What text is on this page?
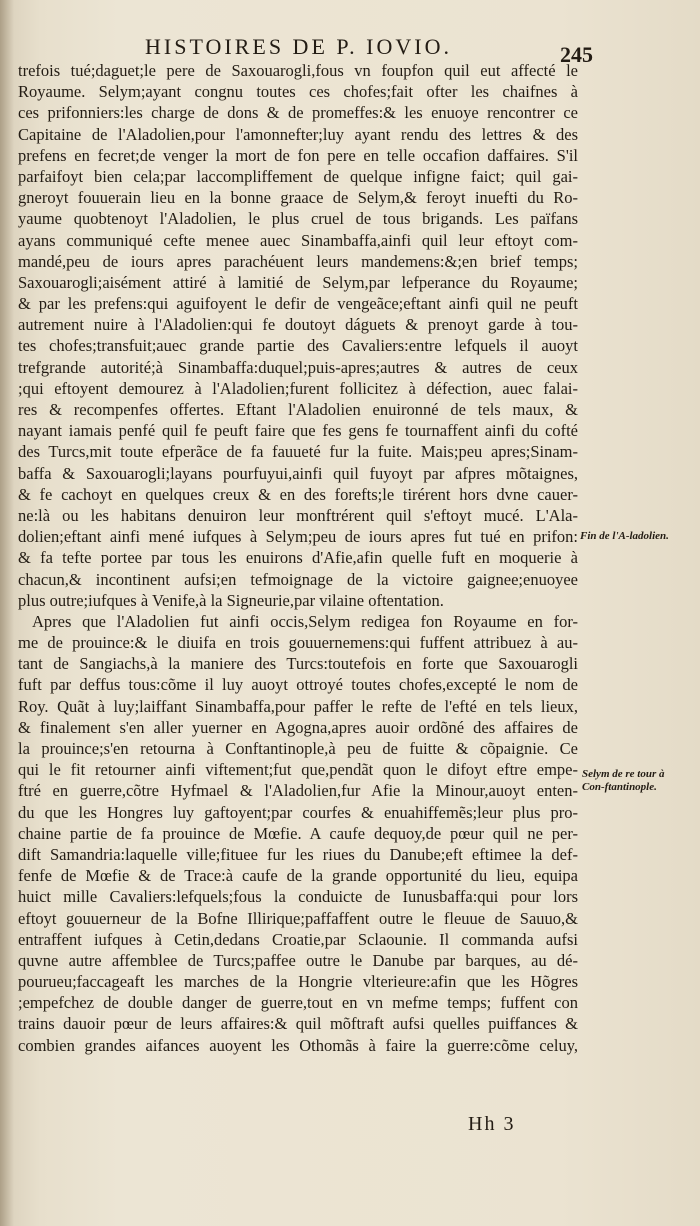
HISTOIRES DE P. IOVIO.	245
trefois tué;daguet;le pere de Saxouarogli,fous vn foupfon quil eut affecté le
Royaume. Selym;ayant congnu toutes ces chofes;fait ofter les chaifnes à
ces prifonniers:les charge de dons & de promeffes:& les enuoye rencontrer ce
Capitaine de l'Aladolien,pour l'amonnefter;luy ayant rendu des lettres & des
prefens en fecret;de venger la mort de fon pere en telle occafion daffaires. S'il
parfaifoyt bien cela;par laccompliffement de quelque infigne faict; quil gai-
gneroyt fouuerain lieu en la bonne graace de Selym,& feroyt inuefti du Ro-
yaume quobtenoyt l'Aladolien, le plus cruel de tous brigands. Les païfans
ayans communiqué cefte menee auec Sinambaffa,ainfi quil leur eftoyt com-
mandé,peu de iours apres parachéuent leurs mandemens:&;en brief temps;
Saxouarogli;aisément attiré à lamitié de Selym,par lefperance du Royaume;
& par les prefens:qui aguifoyent le defir de vengeãce;eftant ainfi quil ne peuft
autrement nuire à l'Aladolien:qui fe doutoyt dáguets & prenoyt garde à tou-
tes chofes;transfuit;auec grande partie des Cavaliers:entre lefquels il auoyt
trefgrande autorité;à Sinambaffa:duquel;puis-apres;autres & autres de ceux
;qui eftoyent demourez à l'Aladolien;furent follicitez à défection, auec falai-
res & recompenfes offertes. Eftant l'Aladolien enuironné de tels maux, &
nayant iamais penfé quil fe peuft faire que fes gens fe tournaffent ainfi du cofté
des Turcs,mit toute efperãce de fa fauueté fur la fuite. Mais;peu apres;Sinam-
baffa & Saxouarogli;layans pourfuyui,ainfi quil fuyoyt par afpres mõtaignes,
& fe cachoyt en quelques creux & en des forefts;le tirérent hors dvne cauer-
ne:là ou les habitans denuiron leur monftrérent quil s'eftoyt mucé. L'Ala-
dolien;eftant ainfi mené iufques à Selym;peu de iours apres fut tué en prifon:
& fa tefte portee par tous les enuirons d'Afie,afin quelle fuft en moquerie à
chacun,& incontinent aufsi;en tefmoignage de la victoire gaignee;enuoyee
plus outre;iufques à Venife,à la Signeurie,par vilaine oftentation.
Apres que l'Aladolien fut ainfi occis,Selym redigea fon Royaume en for-
me de prouince:& le diuifa en trois gouuernemens:qui fuffent attribuez à au-
tant de Sangiachs,à la maniere des Turcs:toutefois en forte que Saxouarogli
fuft par deffus tous:cõme il luy auoyt ottroyé toutes chofes,excepté le nom de
Roy. Quãt à luy;laiffant Sinambaffa,pour paffer le refte de l'efté en tels lieux,
& finalement s'en aller yuerner en Agogna,apres auoir ordõné des affaires de
la prouince;s'en retourna à Conftantinople,à peu de fuitte & cõpaignie. Ce
qui le fit retourner ainfi viftement;fut que,pendãt quon le difoyt eftre empe-
ftré en guerre,cõtre Hyfmael & l'Aladolien,fur Afie la Minour,auoyt enten-
du que les Hongres luy gaftoyent;par courfes & enuahiffemẽs;leur plus pro-
chaine partie de fa prouince de Mœfie. A caufe dequoy,de pœur quil ne per-
dift Samandria:laquelle ville;fituee fur les riues du Danube;eft eftimee la def-
fenfe de Mœfie & de Trace:à caufe de la grande opportunité du lieu, equipa
huict mille Cavaliers:lefquels;fous la conduicte de Iunusbaffa:qui pour lors
eftoyt gouuerneur de la Bofne Illirique;paffaffent outre le fleuue de Sauuo,&
entraffent iufques à Cetin,dedans Croatie,par Sclaounie. Il commanda aufsi
quvne autre affemblee de Turcs;paffee outre le Danube par barques, au dé-
pourueu;faccageaft les marches de la Hongrie vlterieure:afin que les Hõgres
;empefchez de double danger de guerre,tout en vn mefme temps; fuffent con
trains dauoir pœur de leurs affaires:& quil mõftraft aufsi quelles puiffances &
combien grandes aifances auoyent les Othomãs à faire la guerre:cõme celuy,
Fin de l'A-ladolien.
Selym de re tour à Con-ftantinople.
Hh 3
